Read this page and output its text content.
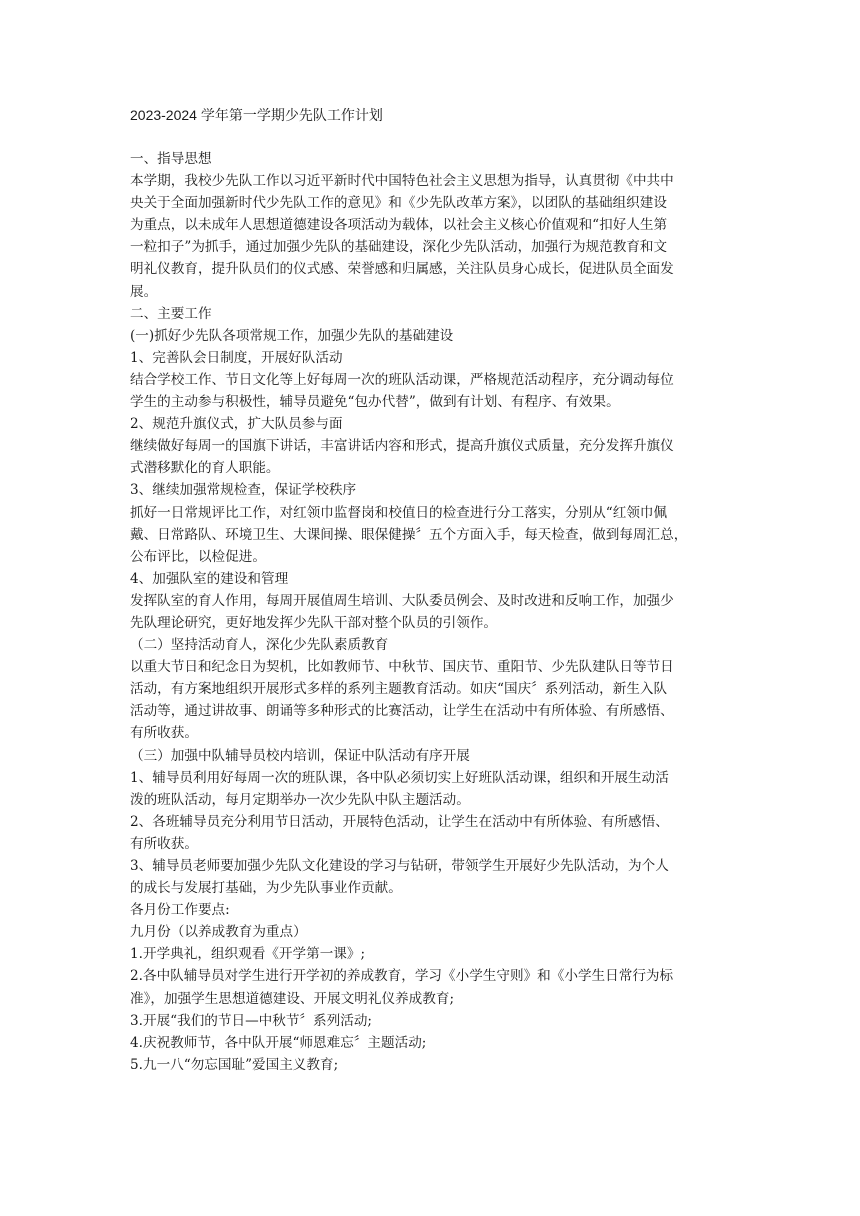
2023-2024 学年第一学期少先队工作计划
一、指导思想
本学期，我校少先队工作以习近平新时代中国特色社会主义思想为指导，认真贯彻《中共中
央关于全面加强新时代少先队工作的意见》和《少先队改革方案》，以团队的基础组织建设
为重点，以未成年人思想道德建设各项活动为载体，以社会主义核心价值观和“扣好人生第
一粒扣子”为抓手，通过加强少先队的基础建设，深化少先队活动，加强行为规范教育和文
明礼仪教育，提升队员们的仪式感、荣誉感和归属感，关注队员身心成长，促进队员全面发
展。
二、主要工作
(一)抓好少先队各项常规工作，加强少先队的基础建设
1、完善队会日制度，开展好队活动
结合学校工作、节日文化等上好每周一次的班队活动课，严格规范活动程序，充分调动每位
学生的主动参与积极性，辅导员避免“包办代替”，做到有计划、有程序、有效果。
2、规范升旗仪式，扩大队员参与面
继续做好每周一的国旗下讲话，丰富讲话内容和形式，提高升旗仪式质量，充分发挥升旗仪
式潜移默化的育人职能。
3、继续加强常规检查，保证学校秩序
抓好一日常规评比工作，对红领巾监督岗和校值日的检查进行分工落实，分别从“红领巾佩
戴、日常路队、环境卫生、大课间操、眼保健操〞五个方面入手，每天检查，做到每周汇总，
公布评比，以检促进。
4、加强队室的建设和管理
发挥队室的育人作用，每周开展值周生培训、大队委员例会、及时改进和反响工作，加强少
先队理论研究，更好地发挥少先队干部对整个队员的引领作。
（二）坚持活动育人，深化少先队素质教育
以重大节日和纪念日为契机，比如教师节、中秋节、国庆节、重阳节、少先队建队日等节日
活动，有方案地组织开展形式多样的系列主题教育活动。如庆“国庆〞系列活动，新生入队
活动等，通过讲故事、朗诵等多种形式的比赛活动，让学生在活动中有所体验、有所感悟、
有所收获。
（三）加强中队辅导员校内培训，保证中队活动有序开展
1、辅导员利用好每周一次的班队课，各中队必须切实上好班队活动课，组织和开展生动活
泼的班队活动，每月定期举办一次少先队中队主题活动。
2、各班辅导员充分利用节日活动，开展特色活动，让学生在活动中有所体验、有所感悟、
有所收获。
3、辅导员老师要加强少先队文化建设的学习与钻研，带领学生开展好少先队活动，为个人
的成长与发展打基础，为少先队事业作贡献。
各月份工作要点:
九月份（以养成教育为重点）
1.开学典礼，组织观看《开学第一课》;
2.各中队辅导员对学生进行开学初的养成教育，学习《小学生守则》和《小学生日常行为标
准》，加强学生思想道德建设、开展文明礼仪养成教育;
3.开展“我们的节日—中秋节〞系列活动;
4.庆祝教师节，各中队开展“师恩难忘〞主题活动;
5.九一八“勿忘国耻”爱国主义教育;
